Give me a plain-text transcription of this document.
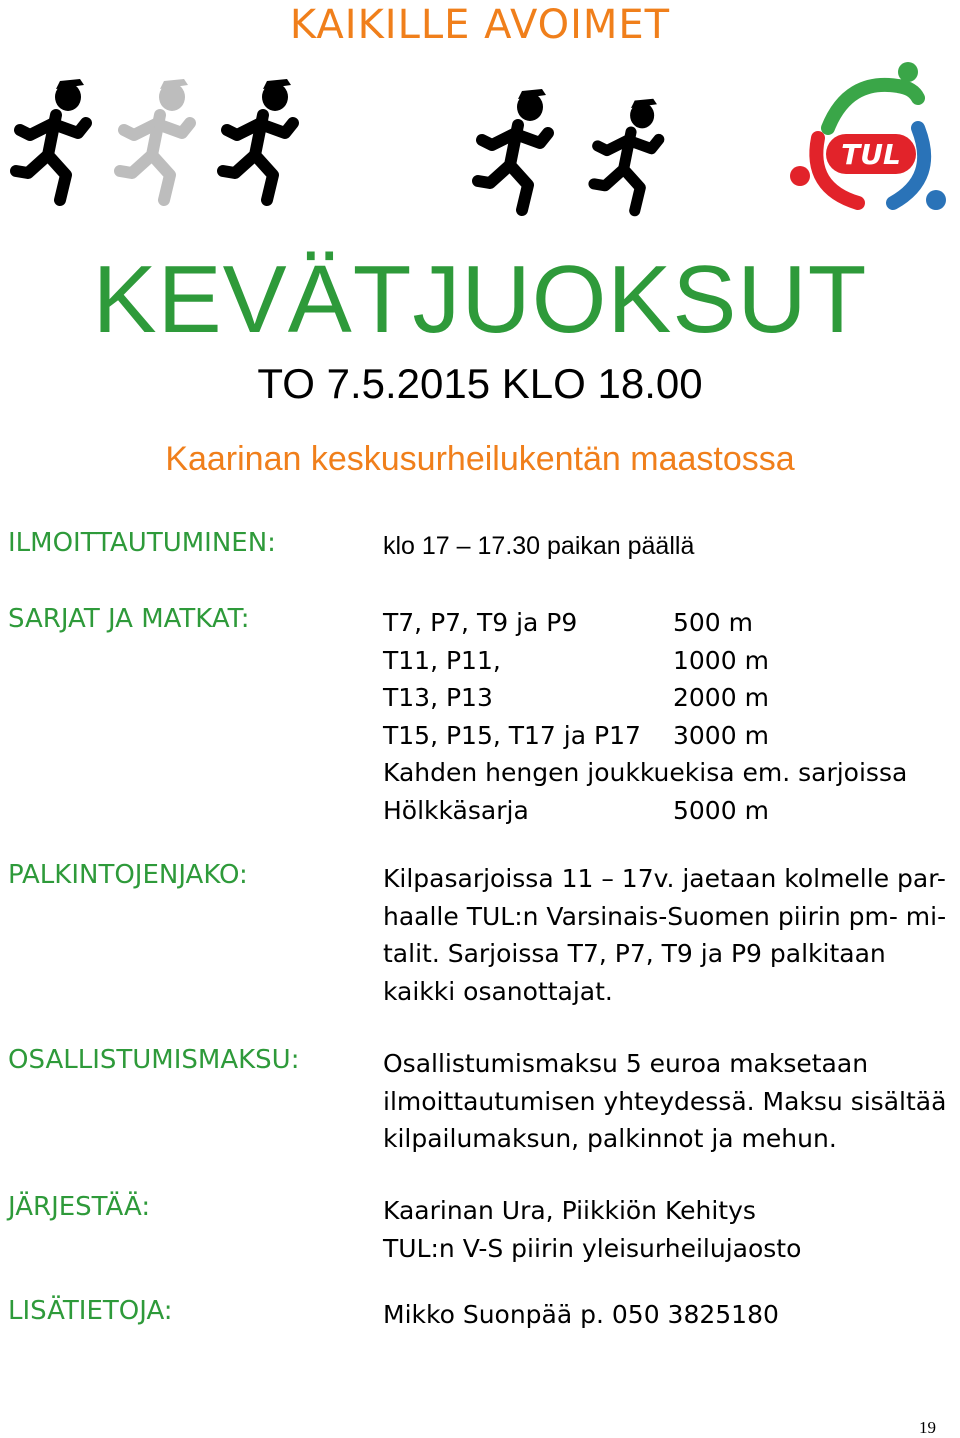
KAIKILLE AVOIMET
TUL
KEVÄTJUOKSUT
TO 7.5.2015 KLO 18.00
Kaarinan keskusurheilukentän maastossa
ILMOITTAUTUMINEN:	klo 17 – 17.30 paikan päällä
SARJAT JA MATKAT:	T7, P7, T9 ja P9	500 m
T11, P11,	1000 m
T13, P13	2000 m
T15, P15, T17 ja P17	3000 m
Kahden hengen joukkuekisa em. sarjoissa	
Hölkkäsarja	5000 m
PALKINTOJENJAKO:	Kilpasarjoissa 11 – 17v. jaetaan kolmelle par-
haalle TUL:n Varsinais-Suomen piirin pm- mi-
talit. Sarjoissa T7, P7, T9 ja P9 palkitaan
kaikki osanottajat.
OSALLISTUMISMAKSU:	Osallistumismaksu 5 euroa maksetaan
ilmoittautumisen yhteydessä. Maksu sisältää
kilpailumaksun, palkinnot ja mehun.
JÄRJESTÄÄ:	Kaarinan Ura, Piikkiön Kehitys
TUL:n V-S piirin yleisurheilujaosto
LISÄTIETOJA:	Mikko Suonpää p. 050 3825180
19
